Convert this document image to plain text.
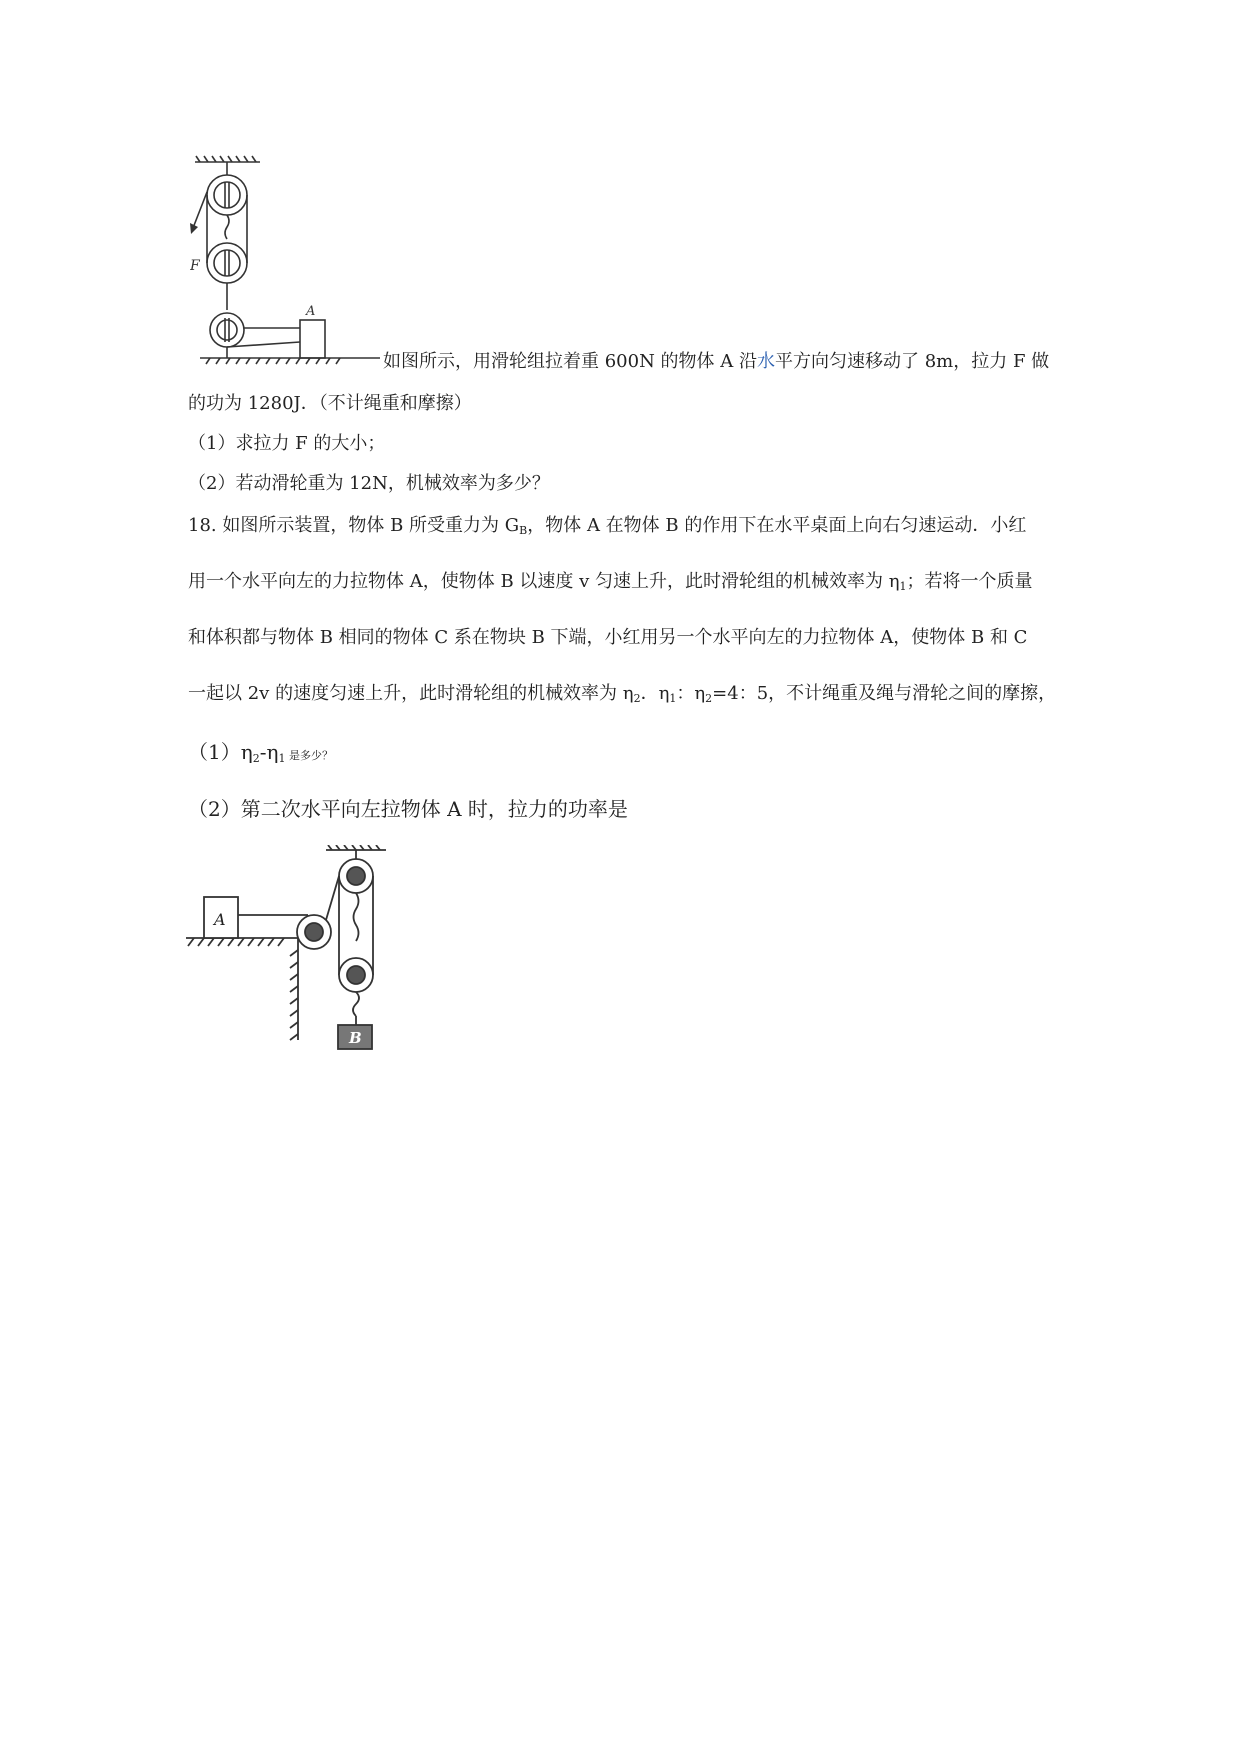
F
A
如图所示，用滑轮组拉着重 600N 的物体 A 沿水平方向匀速移动了 8m，拉力 F 做
的功为 1280J．（不计绳重和摩擦）
（1）求拉力 F 的大小；
（2）若动滑轮重为 12N，机械效率为多少？
18. 如图所示装置，物体 B 所受重力为 $G_B$，物体 A 在物体 B 的作用下在水平桌面上向右匀速运动．小红
用一个水平向左的力拉物体 A，使物体 B 以速度 v 匀速上升，此时滑轮组的机械效率为 $\eta_1$；若将一个质量
和体积都与物体 B 相同的物体 C 系在物块 B 下端，小红用另一个水平向左的力拉物体 A，使物体 B 和 C
一起以 2v 的速度匀速上升，此时滑轮组的机械效率为 $\eta_2$．$\eta_1$：$\eta_2=4$：5，不计绳重及绳与滑轮之间的摩擦，
$(1)\eta_2-\eta_1$ 是多少？
（2）第二次水平向左拉物体 A 时，拉力的功率是
A
B
